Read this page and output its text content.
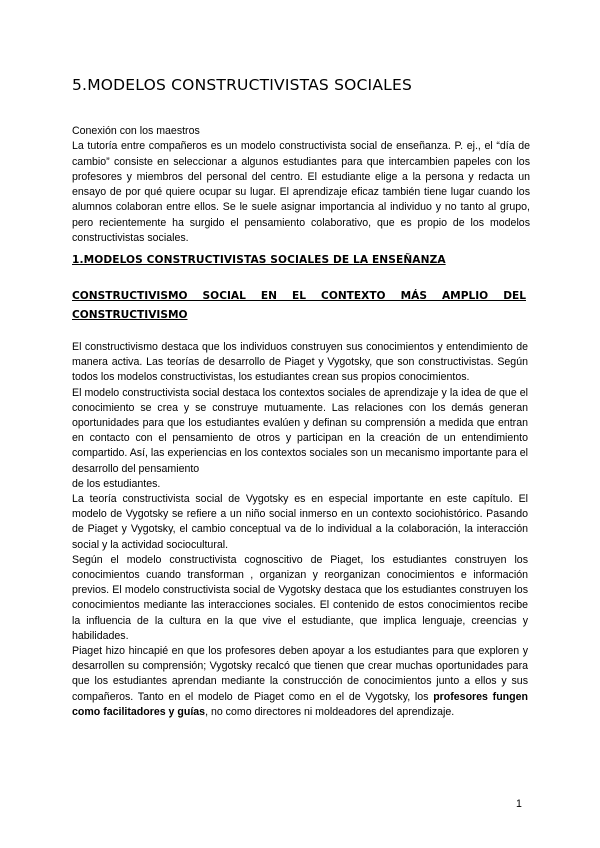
5.MODELOS CONSTRUCTIVISTAS SOCIALES

Conexión con los maestros

La tutoría entre compañeros es un modelo constructivista social de enseñanza. P. ej., el “día de cambio” consiste en seleccionar a algunos estudiantes para que intercambien papeles con los profesores y miembros del personal del centro. El estudiante elige a la persona y redacta un ensayo de por qué quiere ocupar su lugar. El aprendizaje eficaz también tiene lugar cuando los alumnos colaboran entre ellos. Se le suele asignar importancia al individuo y no tanto al grupo, pero recientemente ha surgido el pensamiento colaborativo, que es propio de los modelos constructivistas sociales.

1.MODELOS CONSTRUCTIVISTAS SOCIALES DE LA ENSEÑANZA
CONSTRUCTIVISMO SOCIAL EN EL CONTEXTO MÁS AMPLIO DEL CONSTRUCTIVISMO

El constructivismo destaca que los individuos construyen sus conocimientos y entendimiento de manera activa. Las teorías de desarrollo de Piaget y Vygotsky, que son constructivistas. Según todos los modelos constructivistas, los estudiantes crean sus propios conocimientos.

El modelo constructivista social destaca los contextos sociales de aprendizaje y la idea de que el conocimiento se crea y se construye mutuamente. Las relaciones con los demás generan oportunidades para que los estudiantes evalúen y definan su comprensión a medida que entran en contacto con el pensamiento de otros y participan en la creación de un entendimiento compartido. Así, las experiencias en los contextos sociales son un mecanismo importante para el desarrollo del pensamiento

de los estudiantes.

La teoría constructivista social de Vygotsky es en especial importante en este capítulo. El modelo de Vygotsky se refiere a un niño social inmerso en un contexto sociohistórico. Pasando de Piaget y Vygotsky, el cambio conceptual va de lo individual a la colaboración, la interacción social y la actividad sociocultural.

Según el modelo constructivista cognoscitivo de Piaget, los estudiantes construyen los conocimientos cuando transforman , organizan y reorganizan conocimientos e información previos. El modelo constructivista social de Vygotsky destaca que los estudiantes construyen los conocimientos mediante las interacciones sociales. El contenido de estos conocimientos recibe la influencia de la cultura en la que vive el estudiante, que implica lenguaje, creencias y habilidades.

Piaget hizo hincapié en que los profesores deben apoyar a los estudiantes para que exploren y desarrollen su comprensión; Vygotsky recalcó que tienen que crear muchas oportunidades para que los estudiantes aprendan mediante la construcción de conocimientos junto a ellos y sus compañeros. Tanto en el modelo de Piaget como en el de Vygotsky, los profesores fungen como facilitadores y guías, no como directores ni moldeadores del aprendizaje.

1
